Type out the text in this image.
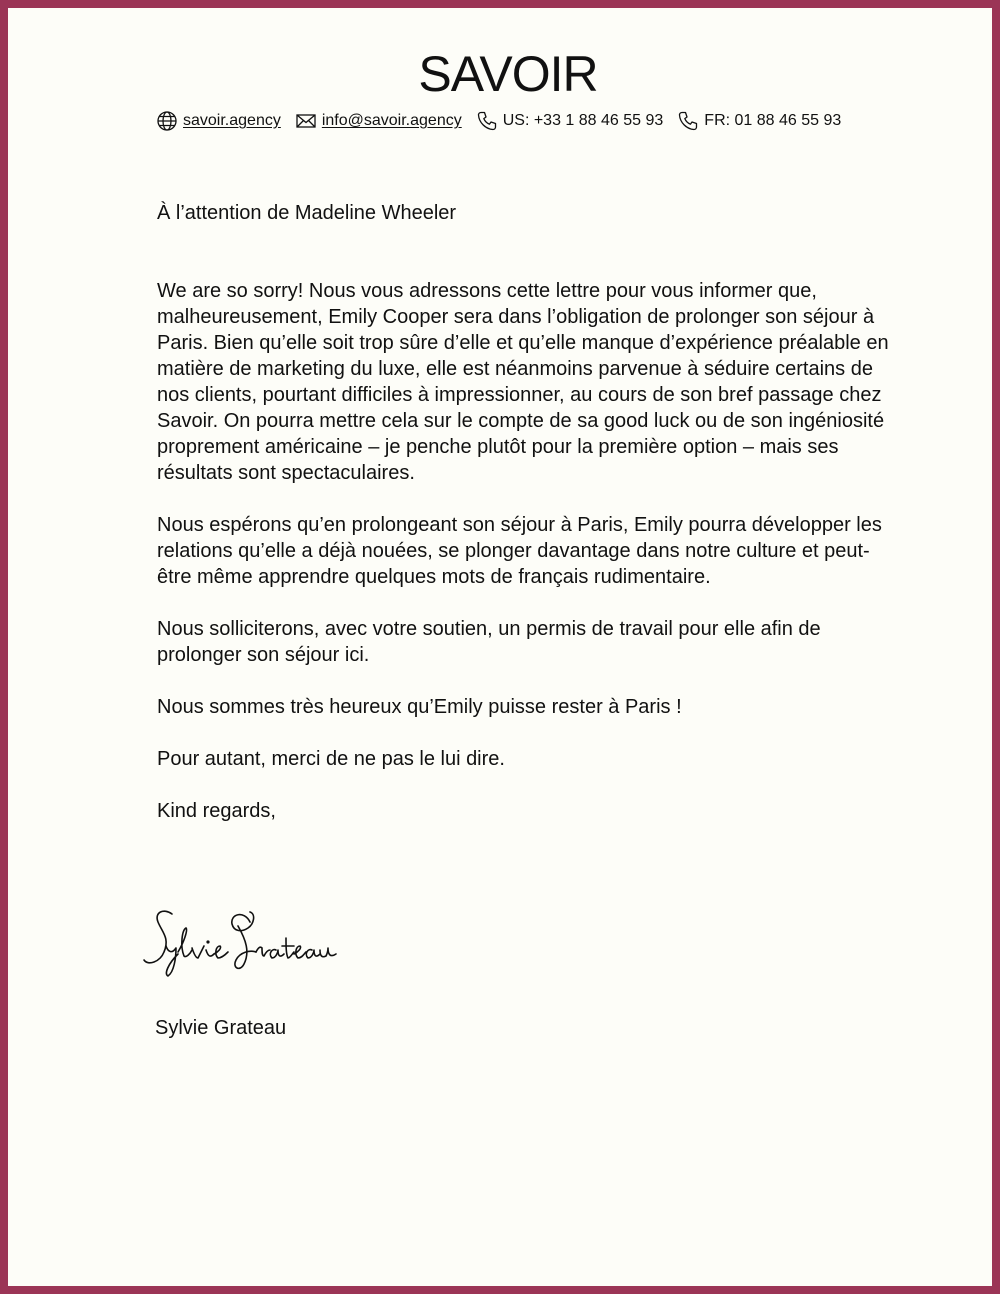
SAVOIR
savoir.agency	info@savoir.agency	US: +33 1 88 46 55 93	FR: 01 88 46 55 93

À l’attention de Madeline Wheeler

We are so sorry! Nous vous adressons cette lettre pour vous informer que, malheureusement, Emily Cooper sera dans l’obligation de prolonger son séjour à Paris. Bien qu’elle soit trop sûre d’elle et qu’elle manque d’expérience préalable en matière de marketing du luxe, elle est néanmoins parvenue à séduire certains de nos clients, pourtant difficiles à impressionner, au cours de son bref passage chez Savoir. On pourra mettre cela sur le compte de sa good luck ou de son ingéniosité proprement américaine – je penche plutôt pour la première option – mais ses résultats sont spectaculaires.

Nous espérons qu’en prolongeant son séjour à Paris, Emily pourra développer les relations qu’elle a déjà nouées, se plonger davantage dans notre culture et peut-être même apprendre quelques mots de français rudimentaire.

Nous solliciterons, avec votre soutien, un permis de travail pour elle afin de prolonger son séjour ici.

Nous sommes très heureux qu’Emily puisse rester à Paris !

Pour autant, merci de ne pas le lui dire.

Kind regards,

Sylvie Grateau
